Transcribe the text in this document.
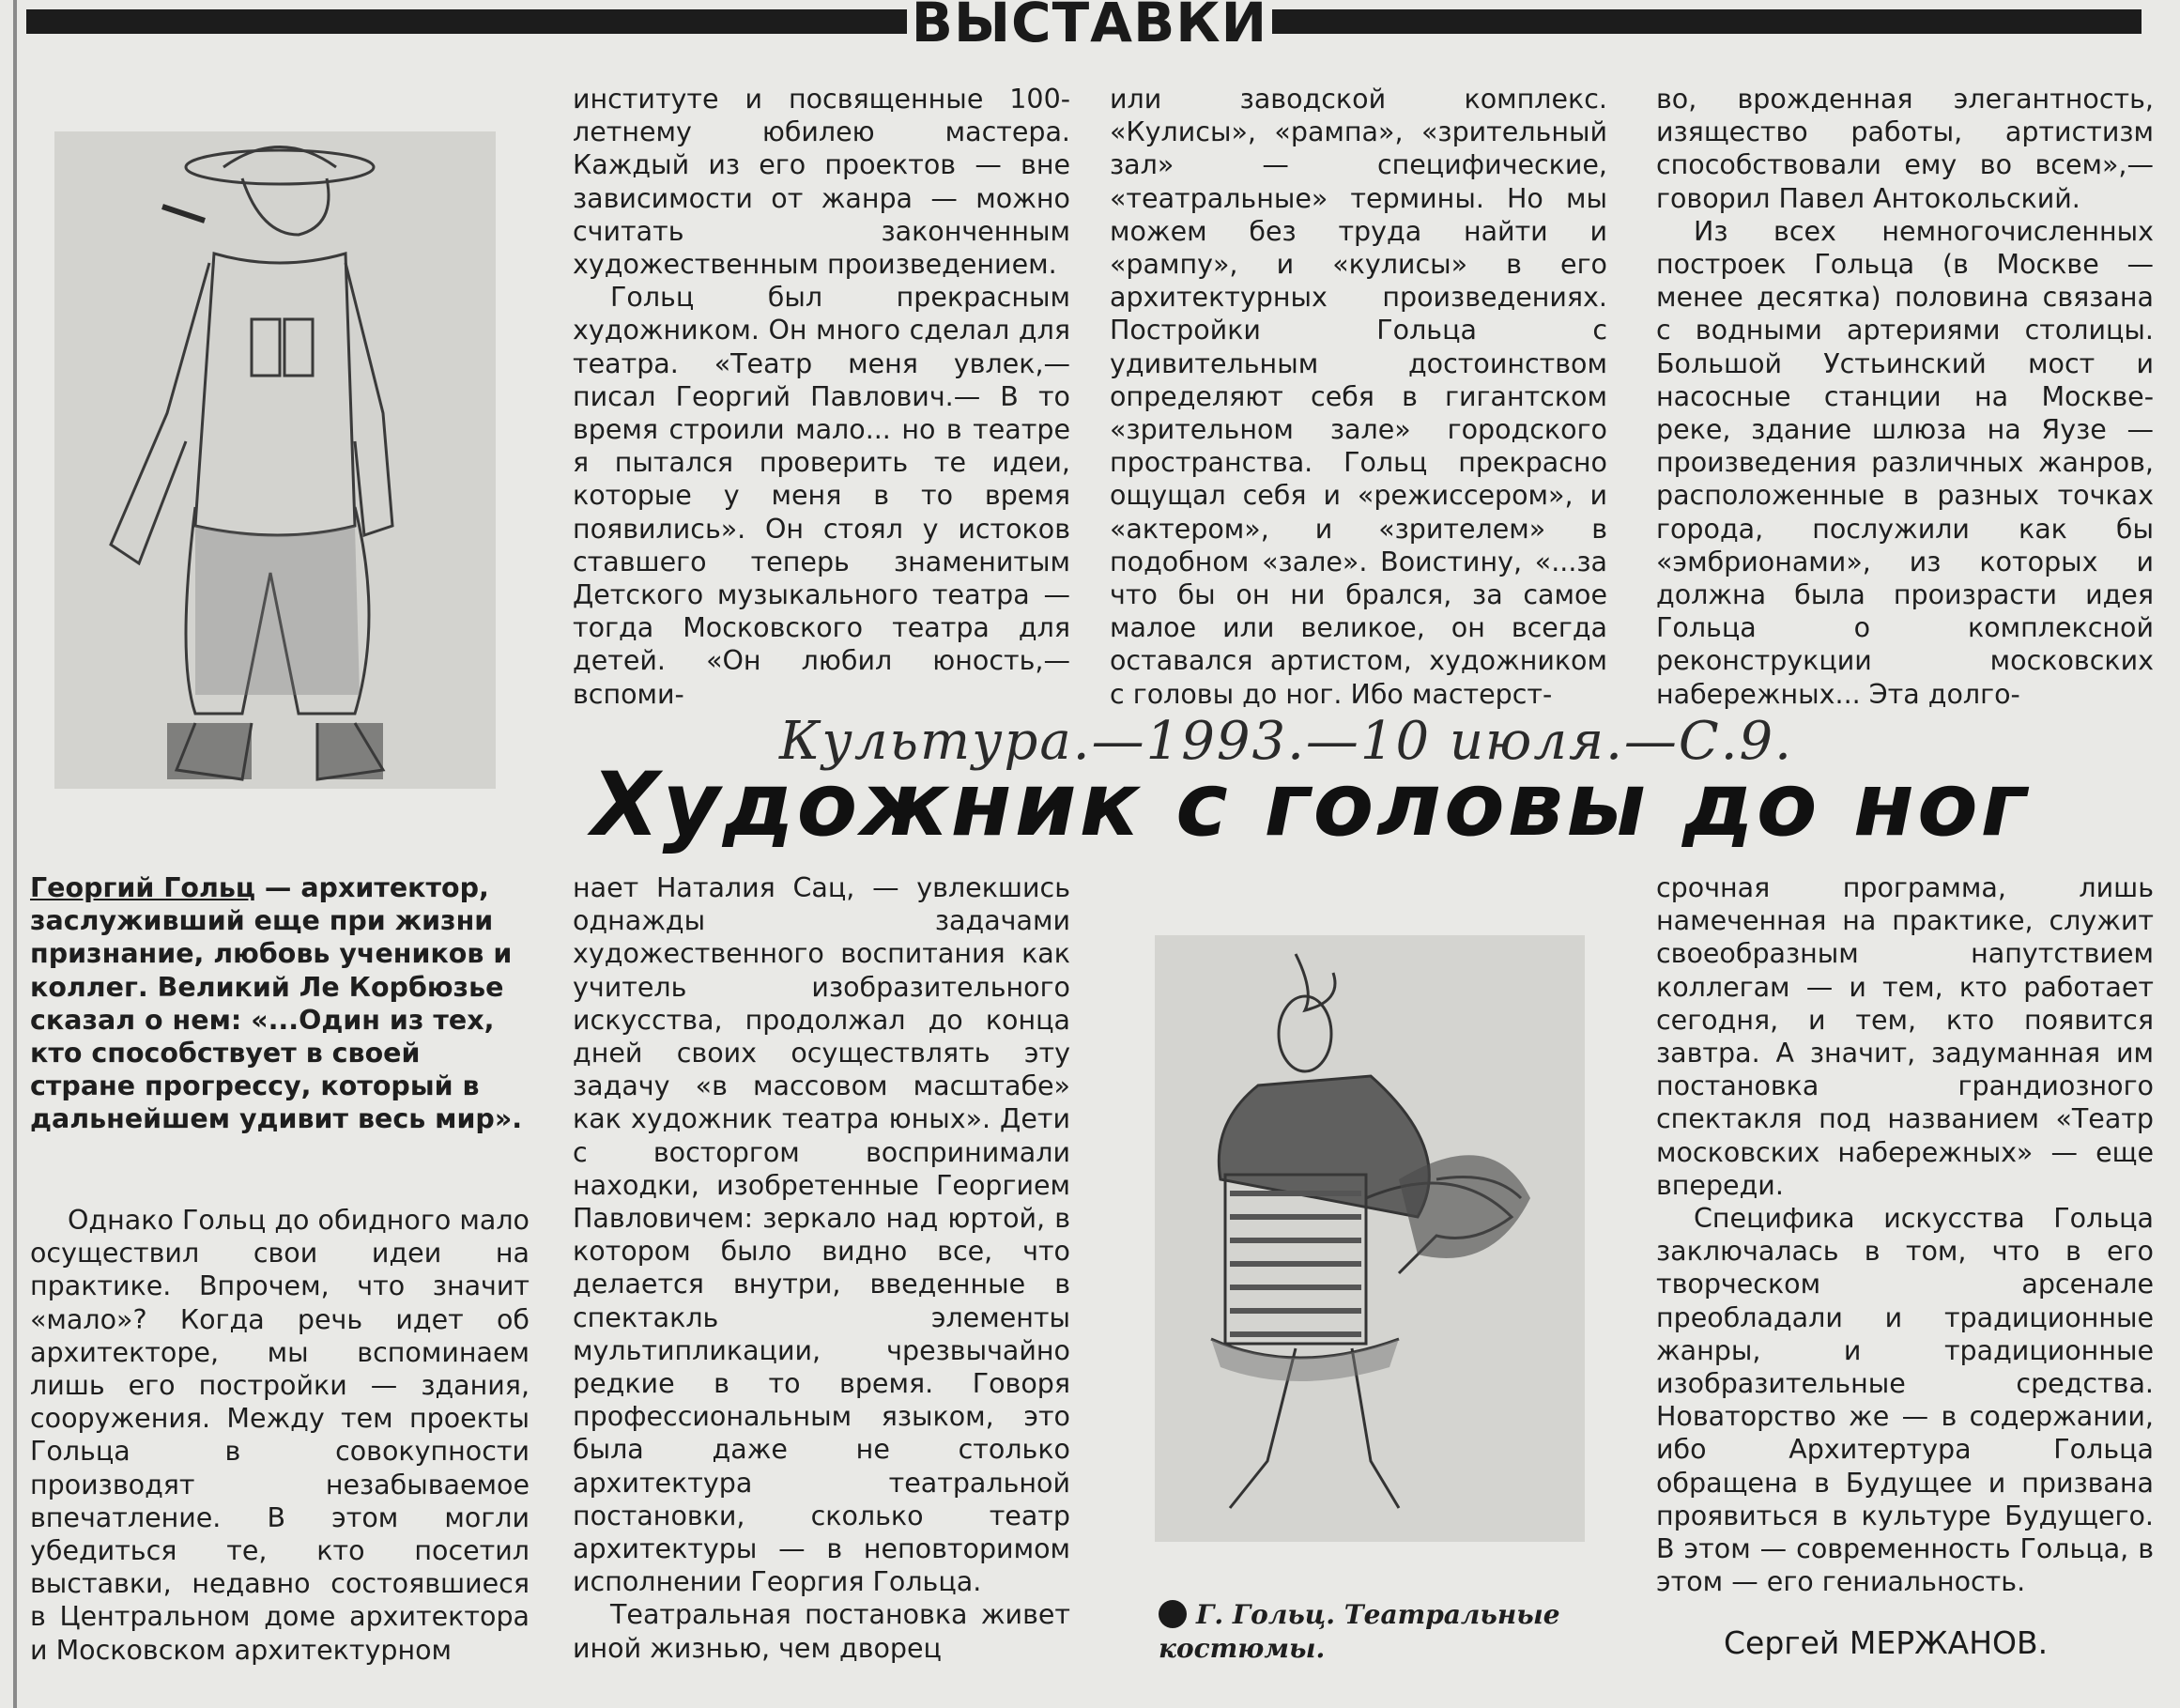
ВЫСТАВКИ

институте и посвященные 100-летнему юбилею мастера. Каждый из его проектов — вне зависимости от жанра — можно считать законченным художественным произведением.

Гольц был прекрасным художником. Он много сделал для театра. «Театр меня увлек,— писал Георгий Павлович.— В то время строили мало... но в театре я пытался проверить те идеи, которые у меня в то время появились». Он стоял у истоков ставшего теперь знаменитым Детского музыкального театра — тогда Московского театра для детей. «Он любил юность,— вспоми-

или заводской комплекс. «Кулисы», «рампа», «зрительный зал» — специфические, «театральные» термины. Но мы можем без труда найти и «рампу», и «кулисы» в его архитектурных произведениях. Постройки Гольца с удивительным достоинством определяют себя в гигантском «зрительном зале» городского пространства. Гольц прекрасно ощущал себя и «режиссером», и «актером», и «зрителем» в подобном «зале». Воистину, «...за что бы он ни брался, за самое малое или великое, он всегда оставался артистом, художником с головы до ног. Ибо мастерст-

во, врожденная элегантность, изящество работы, артистизм способствовали ему во всем»,— говорил Павел Антокольский.

Из всех немногочисленных построек Гольца (в Москве — менее десятка) половина связана с водными артериями столицы. Большой Устьинский мост и насосные станции на Москве-реке, здание шлюза на Яузе — произведения различных жанров, расположенные в разных точках города, послужили как бы «эмбрионами», из которых и должна была произрасти идея Гольца о комплексной реконструкции московских набережных... Эта долго-

Культура.—1993.—10 июля.—С.9.
Художник с головы до ног
Георгий Гольц — архитектор, заслуживший еще при жизни признание, любовь учеников и коллег. Великий Ле Корбюзье сказал о нем: «...Один из тех, кто способствует в своей стране прогрессу, который в дальнейшем удивит весь мир».

Однако Гольц до обидного мало осуществил свои идеи на практике. Впрочем, что значит «мало»? Когда речь идет об архитекторе, мы вспоминаем лишь его постройки — здания, сооружения. Между тем проекты Гольца в совокупности производят незабываемое впечатление. В этом могли убедиться те, кто посетил выставки, недавно состоявшиеся в Центральном доме архитектора и Московском архитектурном

нает Наталия Сац, — увлекшись однажды задачами художественного воспитания как учитель изобразительного искусства, продолжал до конца дней своих осуществлять эту задачу «в массовом масштабе» как художник театра юных». Дети с восторгом воспринимали находки, изобретенные Георгием Павловичем: зеркало над юртой, в котором было видно все, что делается внутри, введенные в спектакль элементы мультипликации, чрезвычайно редкие в то время. Говоря профессиональным языком, это была даже не столько архитектура театральной постановки, сколько театр архитектуры — в неповторимом исполнении Георгия Гольца.

Театральная постановка живет иной жизнью, чем дворец

Г. Гольц. Театральные костюмы.

срочная программа, лишь намеченная на практике, служит своеобразным напутствием коллегам — и тем, кто работает сегодня, и тем, кто появится завтра. А значит, задуманная им постановка грандиозного спектакля под названием «Театр московских набережных» — еще впереди.

Специфика искусства Гольца заключалась в том, что в его творческом арсенале преобладали и традиционные жанры, и традиционные изобразительные средства. Новаторство же — в содержании, ибо Архитертура Гольца обращена в Будущее и призвана проявиться в культуре Будущего. В этом — современность Гольца, в этом — его гениальность.

Сергей МЕРЖАНОВ.
